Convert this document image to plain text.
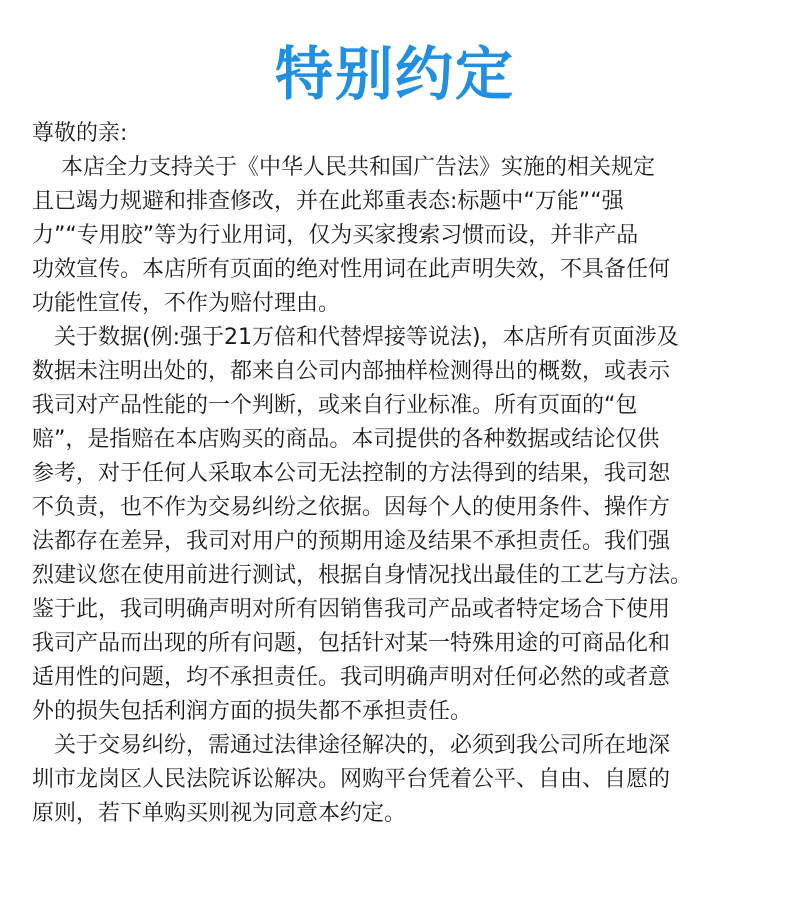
特别约定
尊敬的亲:
　 本店全力支持关于《中华人民共和国广告法》实施的相关规定
且已竭力规避和排查修改，并在此郑重表态:标题中“万能”“强
力”“专用胶”等为行业用词，仅为买家搜索习惯而设，并非产品
功效宣传。本店所有页面的绝对性用词在此声明失效，不具备任何
功能性宣传，不作为赔付理由。
　关于数据(例:强于21万倍和代替焊接等说法)，本店所有页面涉及
数据未注明出处的，都来自公司内部抽样检测得出的概数，或表示
我司对产品性能的一个判断，或来自行业标准。所有页面的“包
赔”，是指赔在本店购买的商品。本司提供的各种数据或结论仅供
参考，对于任何人采取本公司无法控制的方法得到的结果，我司恕
不负责，也不作为交易纠纷之依据。因每个人的使用条件、操作方
法都存在差异，我司对用户的预期用途及结果不承担责任。我们强
烈建议您在使用前进行测试，根据自身情况找出最佳的工艺与方法。
鉴于此，我司明确声明对所有因销售我司产品或者特定场合下使用
我司产品而出现的所有问题，包括针对某一特殊用途的可商品化和
适用性的问题，均不承担责任。我司明确声明对任何必然的或者意
外的损失包括利润方面的损失都不承担责任。
　关于交易纠纷，需通过法律途径解决的，必须到我公司所在地深
圳市龙岗区人民法院诉讼解决。网购平台凭着公平、自由、自愿的
原则，若下单购买则视为同意本约定。
